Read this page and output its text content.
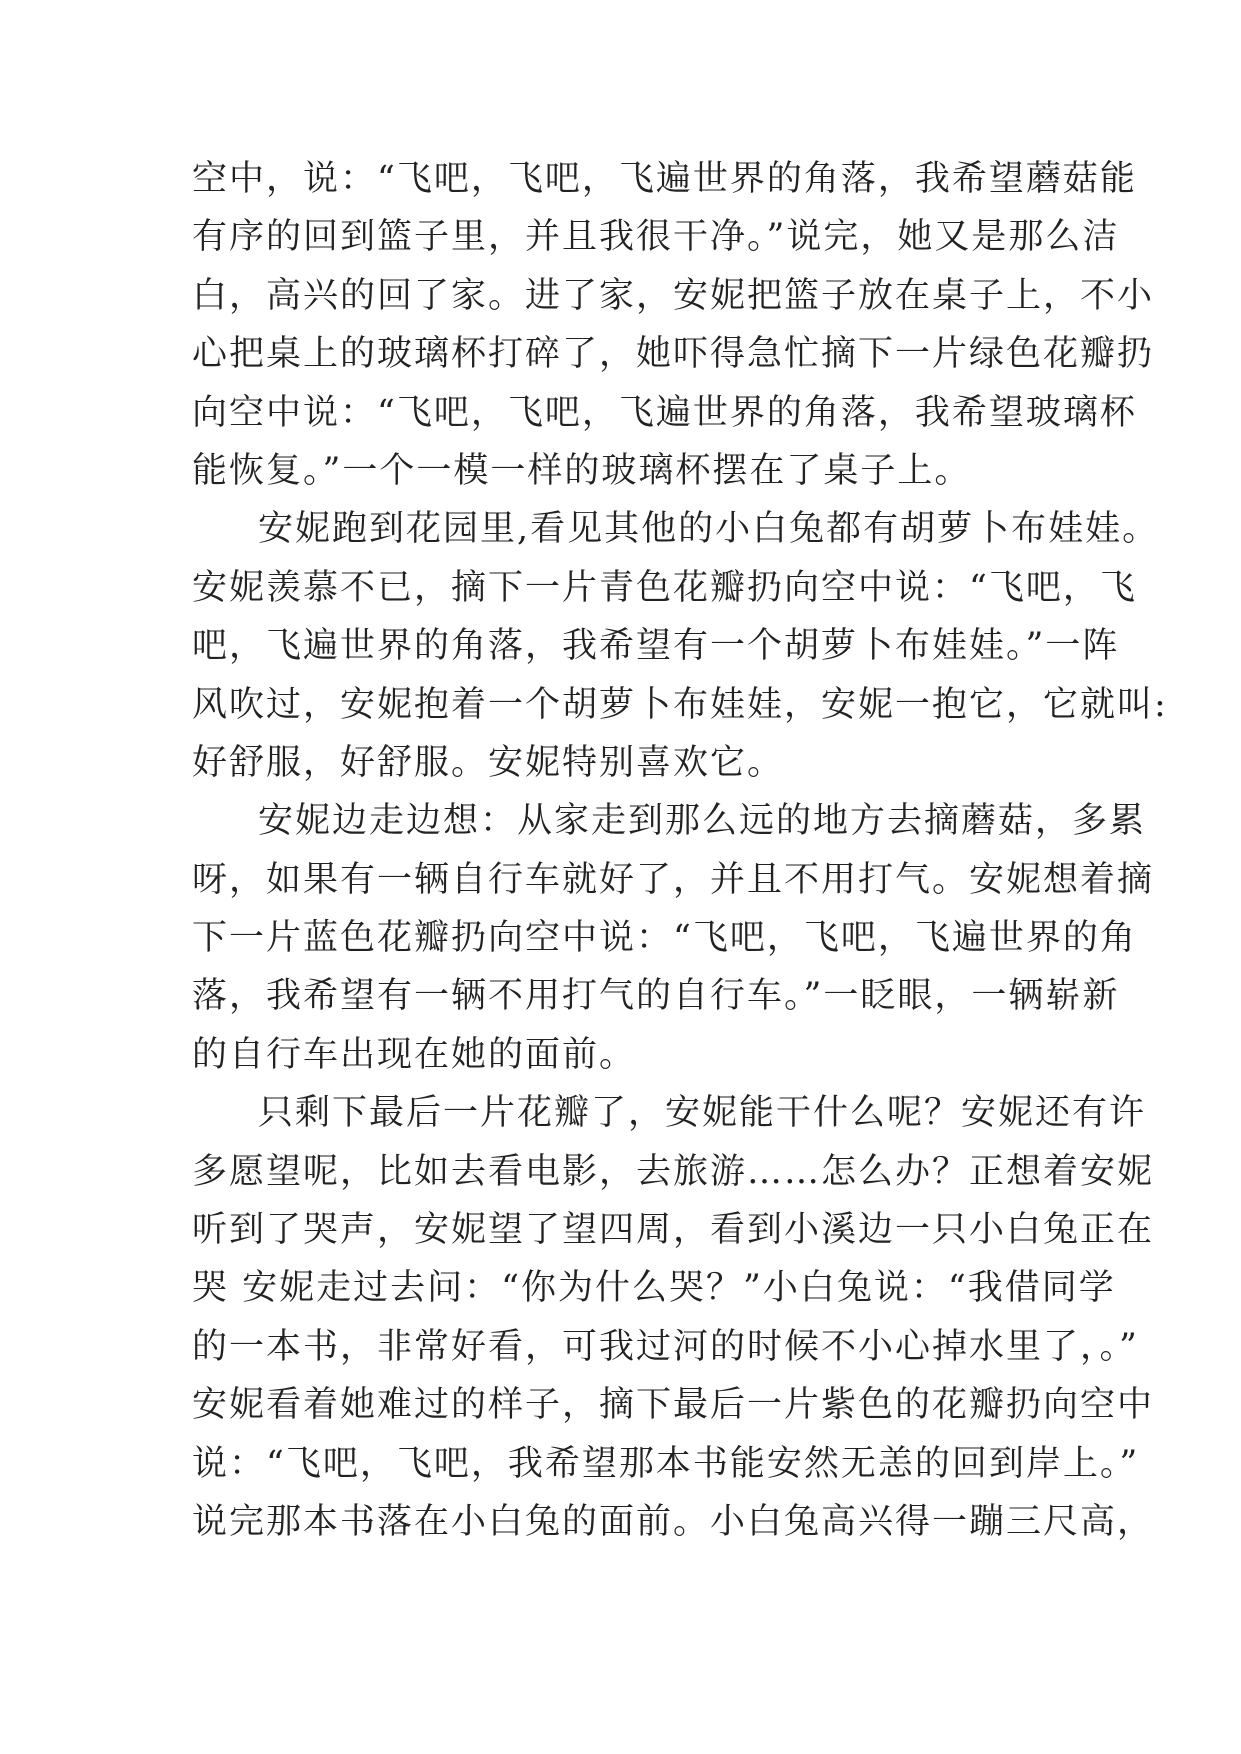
空中，说：“飞吧，飞吧，飞遍世界的角落，我希望蘑菇能
有序的回到篮子里，并且我很干净。”说完，她又是那么洁
白，高兴的回了家。进了家，安妮把篮子放在桌子上，不小
心把桌上的玻璃杯打碎了，她吓得急忙摘下一片绿色花瓣扔
向空中说：“飞吧，飞吧，飞遍世界的角落，我希望玻璃杯
能恢复。”一个一模一样的玻璃杯摆在了桌子上。
安妮跑到花园里,看见其他的小白兔都有胡萝卜布娃娃。
安妮羡慕不已，摘下一片青色花瓣扔向空中说：“飞吧，飞
吧，飞遍世界的角落，我希望有一个胡萝卜布娃娃。”一阵
风吹过，安妮抱着一个胡萝卜布娃娃，安妮一抱它，它就叫:
好舒服，好舒服。安妮特别喜欢它。
安妮边走边想：从家走到那么远的地方去摘蘑菇，多累
呀，如果有一辆自行车就好了，并且不用打气。安妮想着摘
下一片蓝色花瓣扔向空中说：“飞吧，飞吧，飞遍世界的角
落，我希望有一辆不用打气的自行车。”一眨眼，一辆崭新
的自行车出现在她的面前。
只剩下最后一片花瓣了，安妮能干什么呢？安妮还有许
多愿望呢，比如去看电影，去旅游……怎么办？正想着安妮
听到了哭声，安妮望了望四周，看到小溪边一只小白兔正在
哭 安妮走过去问：“你为什么哭？”小白兔说：“我借同学
的一本书，非常好看，可我过河的时候不小心掉水里了，。”
安妮看着她难过的样子，摘下最后一片紫色的花瓣扔向空中
说：“飞吧，飞吧，我希望那本书能安然无恙的回到岸上。”
说完那本书落在小白兔的面前。小白兔高兴得一蹦三尺高，
